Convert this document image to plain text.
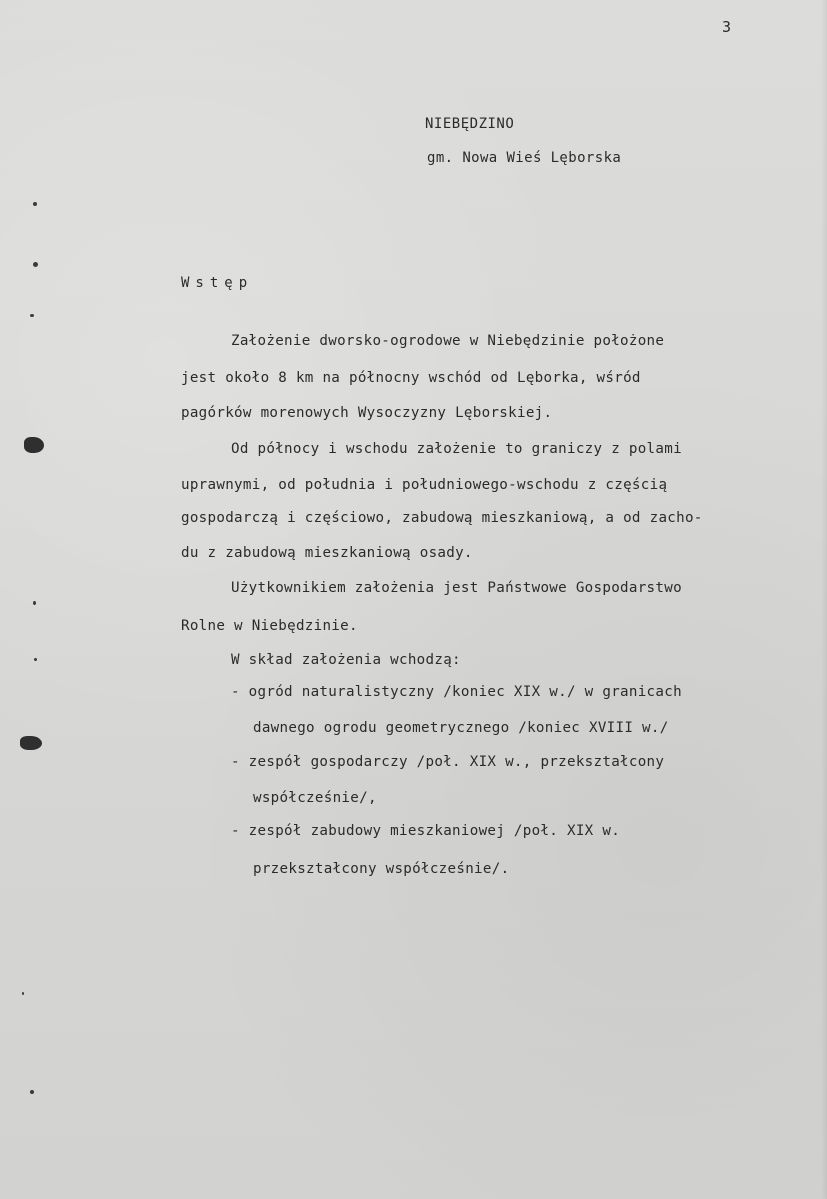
3
NIEBĘDZINO
gm. Nowa Wieś Lęborska
Wstęp
Założenie dworsko-ogrodowe w Niebędzinie położone
jest około 8 km na północny wschód od Lęborka, wśród
pagórków morenowych Wysoczyzny Lęborskiej.
Od północy i wschodu założenie to graniczy z polami
uprawnymi, od południa i południowego-wschodu z częścią
gospodarczą i częściowo, zabudową mieszkaniową, a od zacho-
du z zabudową mieszkaniową osady.
Użytkownikiem założenia jest Państwowe Gospodarstwo
Rolne w Niebędzinie.
W skład założenia wchodzą:
- ogród naturalistyczny /koniec XIX w./ w granicach
dawnego ogrodu geometrycznego /koniec XVIII w./
- zespół gospodarczy /poł. XIX w., przekształcony
współcześnie/,
- zespół zabudowy mieszkaniowej /poł. XIX w.
przekształcony współcześnie/.
